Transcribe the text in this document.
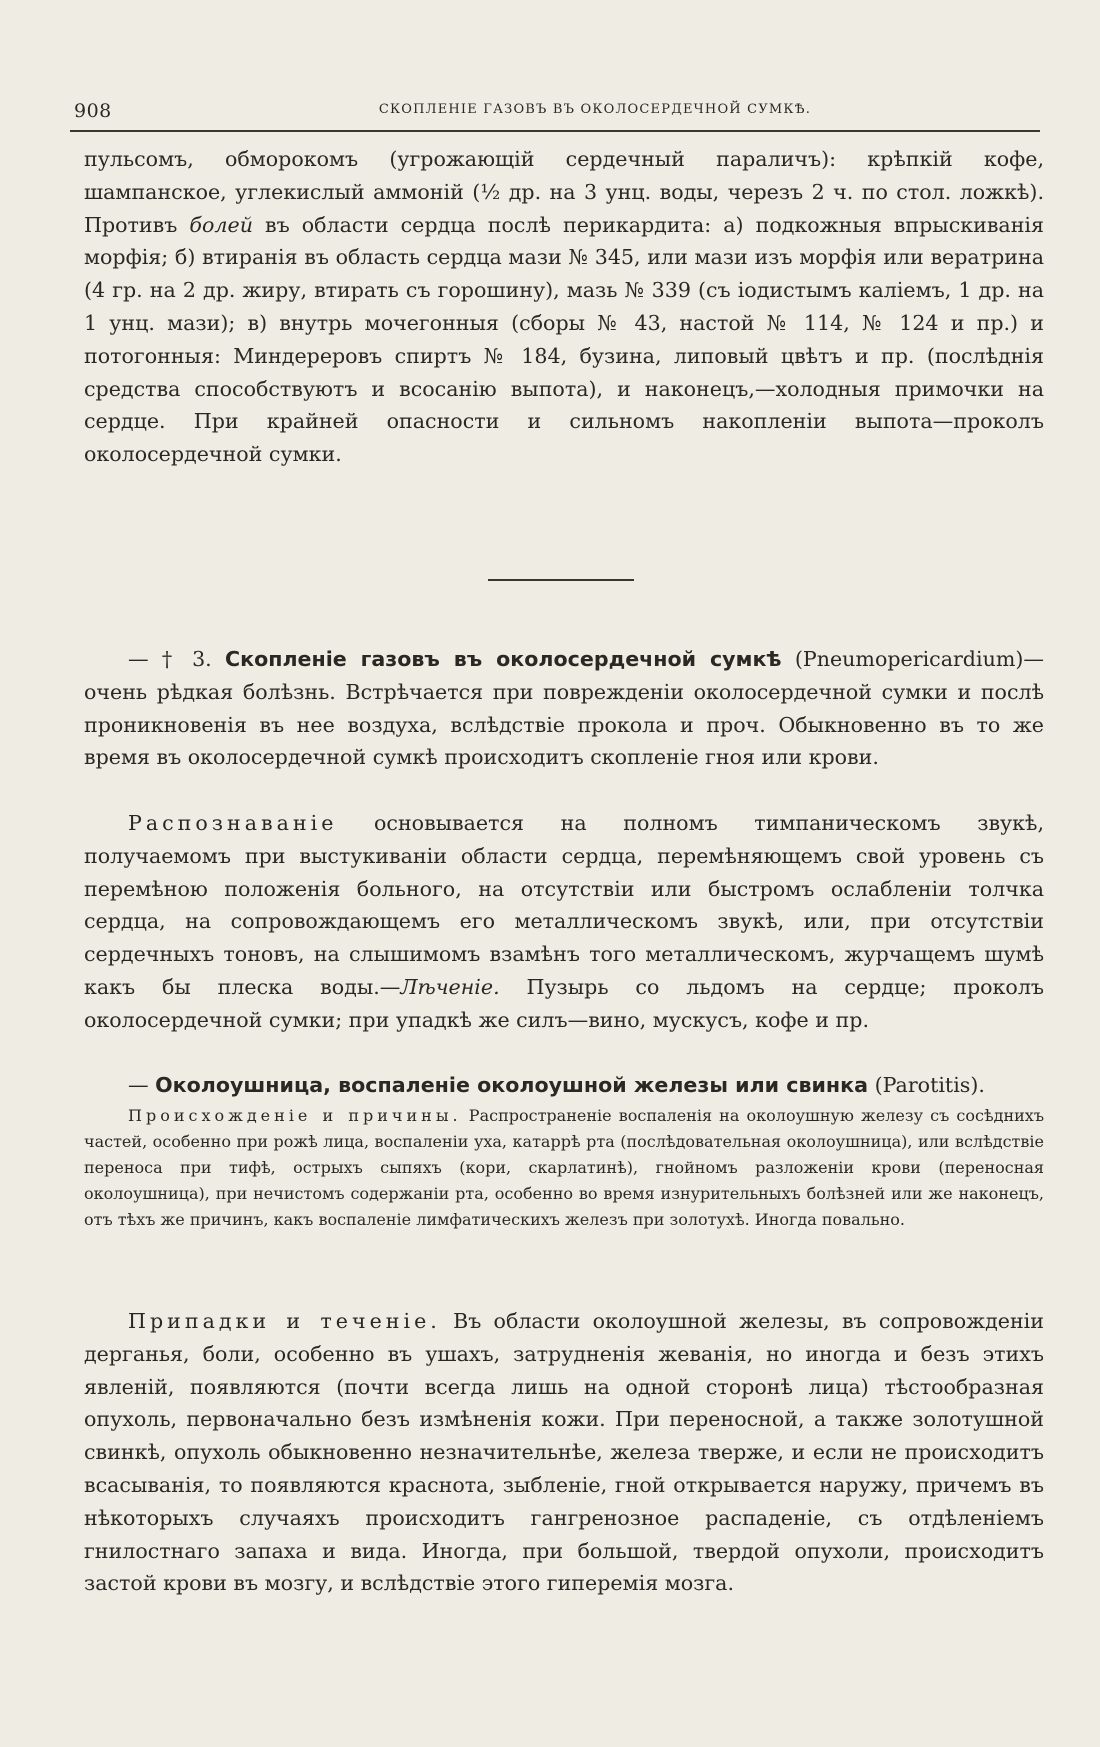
908	СКОПЛЕНІЕ ГАЗОВЪ ВЪ ОКОЛОСЕРДЕЧНОЙ СУМКѢ.

пульсомъ, обморокомъ (угрожающій сердечный параличъ): крѣпкій кофе, шампанское, углекислый аммоній (½ др. на 3 унц. воды, черезъ 2 ч. по стол. ложкѣ). Противъ болей въ области сердца послѣ перикардита: а) подкожныя впрыскиванія морфія; б) втиранія въ область сердца мази № 345, или мази изъ морфія или вератрина (4 гр. на 2 др. жиру, втирать съ горошину), мазь № 339 (съ іодистымъ каліемъ, 1 др. на 1 унц. мази); в) внутрь мочегонныя (сборы № 43, настой № 114, № 124 и пр.) и потогонныя: Миндереровъ спиртъ № 184, бузина, липовый цвѣтъ и пр. (послѣднія средства способствуютъ и всосанію выпота), и наконецъ,—холодныя примочки на сердце. При крайней опасности и сильномъ накопленіи выпота—проколъ околосердечной сумки.

— † 3. Скопленіе газовъ въ околосердечной сумкѣ (Pneumopericardium)—очень рѣдкая болѣзнь. Встрѣчается при поврежденіи околосердечной сумки и послѣ проникновенія въ нее воздуха, вслѣдствіе прокола и проч. Обыкновенно въ то же время въ околосердечной сумкѣ происходитъ скопленіе гноя или крови.

Распознаваніе основывается на полномъ тимпаническомъ звукѣ, получаемомъ при выстукиваніи области сердца, перемѣняющемъ свой уровень съ перемѣною положенія больного, на отсутствіи или быстромъ ослабленіи толчка сердца, на сопровождающемъ его металлическомъ звукѣ, или, при отсутствіи сердечныхъ тоновъ, на слышимомъ взамѣнъ того металлическомъ, журчащемъ шумѣ какъ бы плеска воды.—Лѣченіе. Пузырь со льдомъ на сердце; проколъ околосердечной сумки; при упадкѣ же силъ—вино, мускусъ, кофе и пр.

— Околоушница, воспаленіе околоушной железы или свинка (Parotitis).

Происхожденіе и причины. Распространеніе воспаленія на околоушную железу съ сосѣднихъ частей, особенно при рожѣ лица, воспаленіи уха, катаррѣ рта (послѣдовательная околоушница), или вслѣдствіе переноса при тифѣ, острыхъ сыпяхъ (кори, скарлатинѣ), гнойномъ разложеніи крови (переносная околоушница), при нечистомъ содержаніи рта, особенно во время изнурительныхъ болѣзней или же наконецъ, отъ тѣхъ же причинъ, какъ воспаленіе лимфатическихъ железъ при золотухѣ. Иногда повально.

Припадки и теченіе. Въ области околоушной железы, въ сопровожденіи дерганья, боли, особенно въ ушахъ, затрудненія жеванія, но иногда и безъ этихъ явленій, появляются (почти всегда лишь на одной сторонѣ лица) тѣстообразная опухоль, первоначально безъ измѣненія кожи. При переносной, а также золотушной свинкѣ, опухоль обыкновенно незначительнѣе, железа тверже, и если не происходитъ всасыванія, то появляются краснота, зыбленіе, гной открывается наружу, причемъ въ нѣкоторыхъ случаяхъ происходитъ гангренозное распаденіе, съ отдѣленіемъ гнилостнаго запаха и вида. Иногда, при большой, твердой опухоли, происходитъ застой крови въ мозгу, и вслѣдствіе этого гиперемія мозга.
